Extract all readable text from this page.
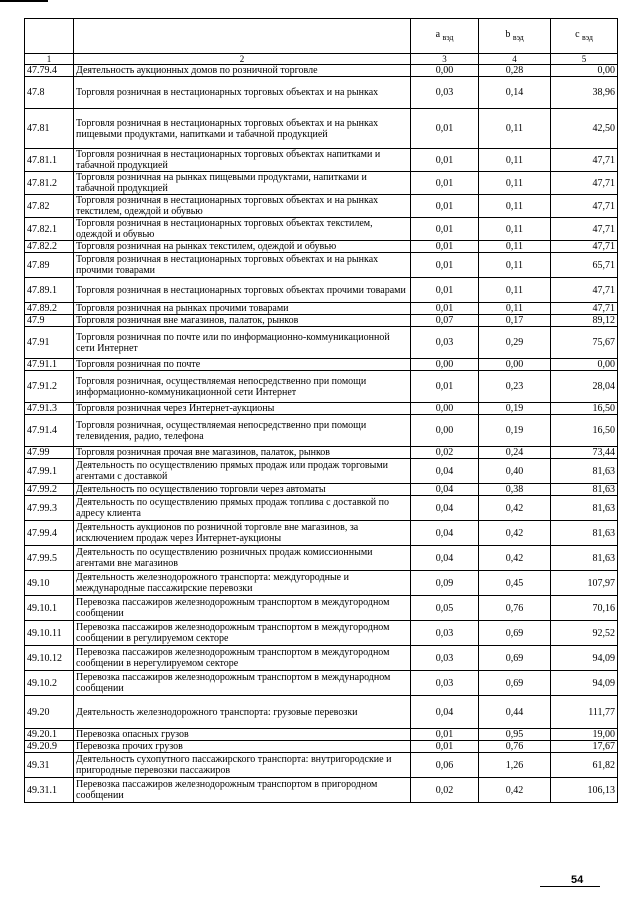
		a $_{вэд}$	b $_{вэд}$	c $_{вэд}$
1	2	3	4	5
47.79.4	Деятельность аукционных домов по розничной торговле	0,00	0,28	0,00
47.8	Торговля розничная в нестационарных торговых объектах и на рынках	0,03	0,14	38,96
47.81	Торговля розничная в нестационарных торговых объектах и на рынках пищевыми продуктами, напитками и табачной продукцией	0,01	0,11	42,50
47.81.1	Торговля розничная в нестационарных торговых объектах напитками и табачной продукцией	0,01	0,11	47,71
47.81.2	Торговля розничная на рынках пищевыми продуктами, напитками и табачной продукцией	0,01	0,11	47,71
47.82	Торговля розничная в нестационарных торговых объектах и на рынках текстилем, одеждой и обувью	0,01	0,11	47,71
47.82.1	Торговля розничная в нестационарных торговых объектах текстилем, одеждой и обувью	0,01	0,11	47,71
47.82.2	Торговля розничная на рынках текстилем, одеждой и обувью	0,01	0,11	47,71
47.89	Торговля розничная в нестационарных торговых объектах и на рынках прочими товарами	0,01	0,11	65,71
47.89.1	Торговля розничная в нестационарных торговых объектах прочими товарами	0,01	0,11	47,71
47.89.2	Торговля розничная на рынках прочими товарами	0,01	0,11	47,71
47.9	Торговля розничная вне магазинов, палаток, рынков	0,07	0,17	89,12
47.91	Торговля розничная по почте или по информационно-коммуникационной сети Интернет	0,03	0,29	75,67
47.91.1	Торговля розничная по почте	0,00	0,00	0,00
47.91.2	Торговля розничная, осуществляемая непосредственно при помощи информационно-коммуникационной сети Интернет	0,01	0,23	28,04
47.91.3	Торговля розничная через Интернет-аукционы	0,00	0,19	16,50
47.91.4	Торговля розничная, осуществляемая непосредственно при помощи телевидения, радио, телефона	0,00	0,19	16,50
47.99	Торговля розничная прочая вне магазинов, палаток, рынков	0,02	0,24	73,44
47.99.1	Деятельность по осуществлению прямых продаж или продаж торговыми агентами с доставкой	0,04	0,40	81,63
47.99.2	Деятельность по осуществлению торговли через автоматы	0,04	0,38	81,63
47.99.3	Деятельность по осуществлению прямых продаж топлива с доставкой по адресу клиента	0,04	0,42	81,63
47.99.4	Деятельность аукционов по розничной торговле вне магазинов, за исключением продаж через Интернет-аукционы	0,04	0,42	81,63
47.99.5	Деятельность по осуществлению розничных продаж комиссионными агентами вне магазинов	0,04	0,42	81,63
49.10	Деятельность железнодорожного транспорта: междугородные и международные пассажирские перевозки	0,09	0,45	107,97
49.10.1	Перевозка пассажиров железнодорожным транспортом в междугородном сообщении	0,05	0,76	70,16
49.10.11	Перевозка пассажиров железнодорожным транспортом в междугородном сообщении в регулируемом секторе	0,03	0,69	92,52
49.10.12	Перевозка пассажиров железнодорожным транспортом в междугородном сообщении в нерегулируемом секторе	0,03	0,69	94,09
49.10.2	Перевозка пассажиров железнодорожным транспортом в международном сообщении	0,03	0,69	94,09
49.20	Деятельность железнодорожного транспорта: грузовые перевозки	0,04	0,44	111,77
49.20.1	Перевозка опасных грузов	0,01	0,95	19,00
49.20.9	Перевозка прочих грузов	0,01	0,76	17,67
49.31	Деятельность сухопутного пассажирского транспорта: внутригородские и пригородные перевозки пассажиров	0,06	1,26	61,82
49.31.1	Перевозка пассажиров железнодорожным транспортом в пригородном сообщении	0,02	0,42	106,13
54
